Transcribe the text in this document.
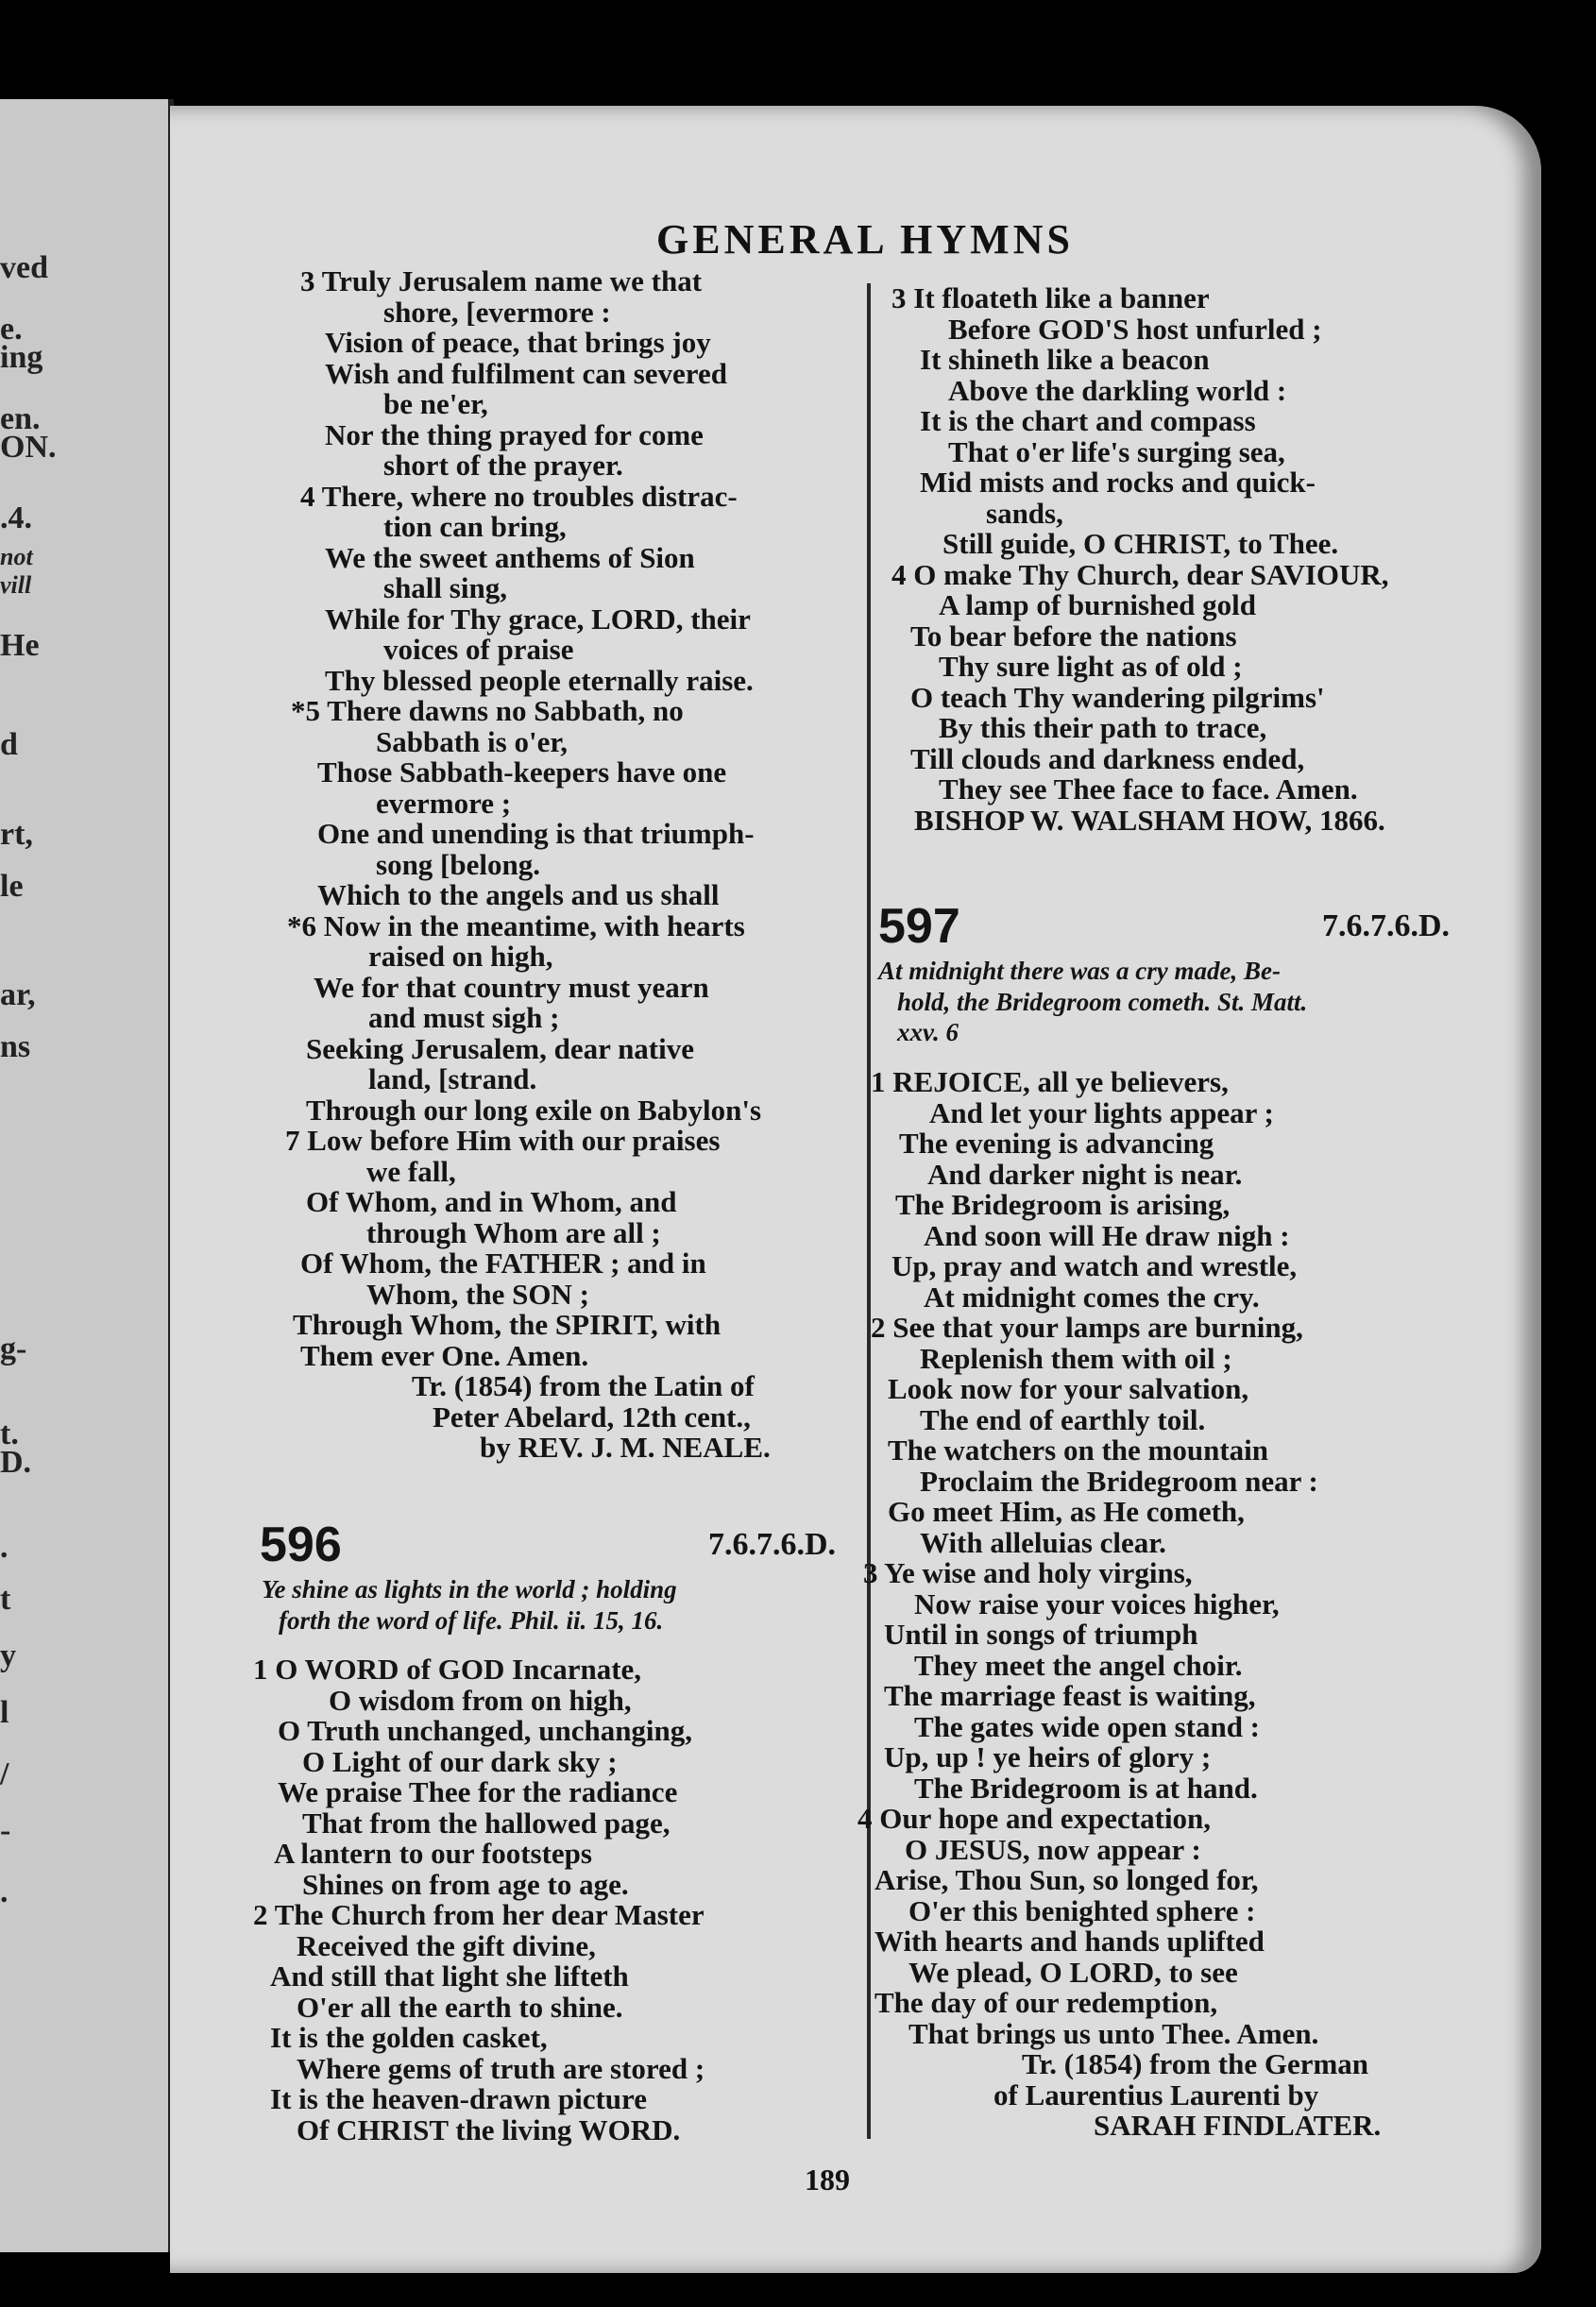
ved
e.
ing
en.
ON.
.4.
not
vill
He
d
rt,
le
ar,
ns
g-
t.
D.
.
t
y
l
/
-
.
GENERAL HYMNS
3 Truly Jerusalem name we that
shore, [evermore :
Vision of peace, that brings joy
Wish and fulfilment can severed
be ne'er,
Nor the thing prayed for come
short of the prayer.
4 There, where no troubles distrac-
tion can bring,
We the sweet anthems of Sion
shall sing,
While for Thy grace, LORD, their
voices of praise
Thy blessed people eternally raise.
*5 There dawns no Sabbath, no
Sabbath is o'er,
Those Sabbath-keepers have one
evermore ;
One and unending is that triumph-
song [belong.
Which to the angels and us shall
*6 Now in the meantime, with hearts
raised on high,
We for that country must yearn
and must sigh ;
Seeking Jerusalem, dear native
land, [strand.
Through our long exile on Babylon's
7 Low before Him with our praises
we fall,
Of Whom, and in Whom, and
through Whom are all ;
Of Whom, the FATHER ; and in
Whom, the SON ;
Through Whom, the SPIRIT, with
Them ever One. Amen.
Tr. (1854) from the Latin of
Peter Abelard, 12th cent.,
by REV. J. M. NEALE.
596	7.6.7.6.D.
Ye shine as lights in the world ; holding
forth the word of life. Phil. ii. 15, 16.
1 O WORD of GOD Incarnate,
O wisdom from on high,
O Truth unchanged, unchanging,
O Light of our dark sky ;
We praise Thee for the radiance
That from the hallowed page,
A lantern to our footsteps
Shines on from age to age.
2 The Church from her dear Master
Received the gift divine,
And still that light she lifteth
O'er all the earth to shine.
It is the golden casket,
Where gems of truth are stored ;
It is the heaven-drawn picture
Of CHRIST the living WORD.
3 It floateth like a banner
Before GOD'S host unfurled ;
It shineth like a beacon
Above the darkling world :
It is the chart and compass
That o'er life's surging sea,
Mid mists and rocks and quick-
sands,
Still guide, O CHRIST, to Thee.
4 O make Thy Church, dear SAVIOUR,
A lamp of burnished gold
To bear before the nations
Thy sure light as of old ;
O teach Thy wandering pilgrims'
By this their path to trace,
Till clouds and darkness ended,
They see Thee face to face. Amen.
BISHOP W. WALSHAM HOW, 1866.
597	7.6.7.6.D.
At midnight there was a cry made, Be-
hold, the Bridegroom cometh. St. Matt.
xxv. 6
1 REJOICE, all ye believers,
And let your lights appear ;
The evening is advancing
And darker night is near.
The Bridegroom is arising,
And soon will He draw nigh :
Up, pray and watch and wrestle,
At midnight comes the cry.
2 See that your lamps are burning,
Replenish them with oil ;
Look now for your salvation,
The end of earthly toil.
The watchers on the mountain
Proclaim the Bridegroom near :
Go meet Him, as He cometh,
With alleluias clear.
3 Ye wise and holy virgins,
Now raise your voices higher,
Until in songs of triumph
They meet the angel choir.
The marriage feast is waiting,
The gates wide open stand :
Up, up ! ye heirs of glory ;
The Bridegroom is at hand.
4 Our hope and expectation,
O JESUS, now appear :
Arise, Thou Sun, so longed for,
O'er this benighted sphere :
With hearts and hands uplifted
We plead, O LORD, to see
The day of our redemption,
That brings us unto Thee. Amen.
Tr. (1854) from the German
of Laurentius Laurenti by
SARAH FINDLATER.
189
